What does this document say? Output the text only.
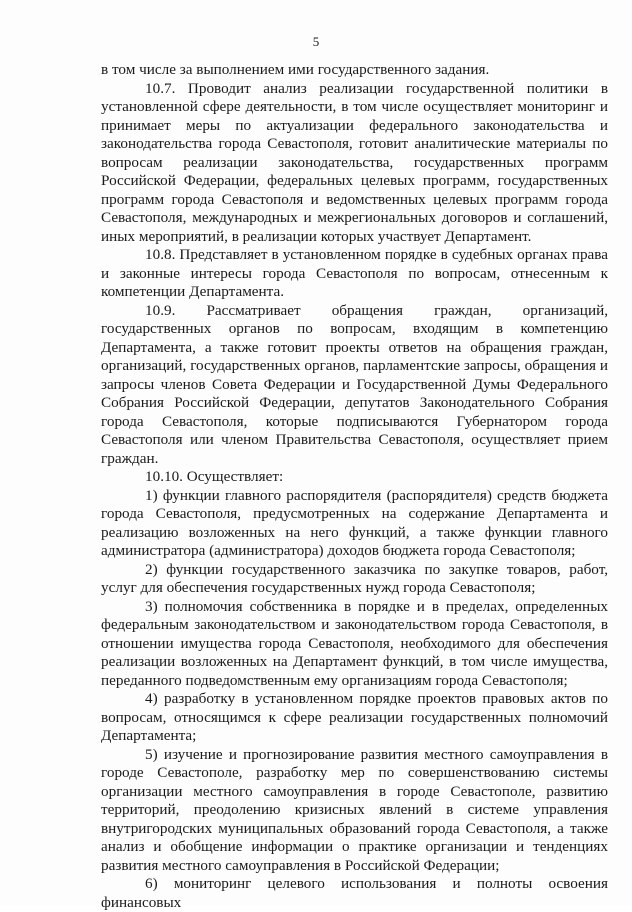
5

в том числе за выполнением ими государственного задания.

10.7. Проводит анализ реализации государственной политики в установленной сфере деятельности, в том числе осуществляет мониторинг и принимает меры по актуализации федерального законодательства и законодательства города Севастополя, готовит аналитические материалы по вопросам реализации законодательства, государственных программ Российской Федерации, федеральных целевых программ, государственных программ города Севастополя и ведомственных целевых программ города Севастополя, международных и межрегиональных договоров и соглашений, иных мероприятий, в реализации которых участвует Департамент.

10.8. Представляет в установленном порядке в судебных органах права и законные интересы города Севастополя по вопросам, отнесенным к компетенции Департамента.

10.9. Рассматривает обращения граждан, организаций, государственных органов по вопросам, входящим в компетенцию Департамента, а также готовит проекты ответов на обращения граждан, организаций, государственных органов, парламентские запросы, обращения и запросы членов Совета Федерации и Государственной Думы Федерального Собрания Российской Федерации, депутатов Законодательного Собрания города Севастополя, которые подписываются Губернатором города Севастополя или членом Правительства Севастополя, осуществляет прием граждан.

10.10. Осуществляет:

1) функции главного распорядителя (распорядителя) средств бюджета города Севастополя, предусмотренных на содержание Департамента и реализацию возложенных на него функций, а также функции главного администратора (администратора) доходов бюджета города Севастополя;

2) функции государственного заказчика по закупке товаров, работ, услуг для обеспечения государственных нужд города Севастополя;

3) полномочия собственника в порядке и в пределах, определенных федеральным законодательством и законодательством города Севастополя, в отношении имущества города Севастополя, необходимого для обеспечения реализации возложенных на Департамент функций, в том числе имущества, переданного подведомственным ему организациям города Севастополя;

4) разработку в установленном порядке проектов правовых актов по вопросам, относящимся к сфере реализации государственных полномочий Департамента;

5) изучение и прогнозирование развития местного самоуправления в городе Севастополе, разработку мер по совершенствованию системы организации местного самоуправления в городе Севастополе, развитию территорий, преодолению кризисных явлений в системе управления внутригородских муниципальных образований города Севастополя, а также анализ и обобщение информации о практике организации и тенденциях развития местного самоуправления в Российской Федерации;

6) мониторинг целевого использования и полноты освоения финансовых
